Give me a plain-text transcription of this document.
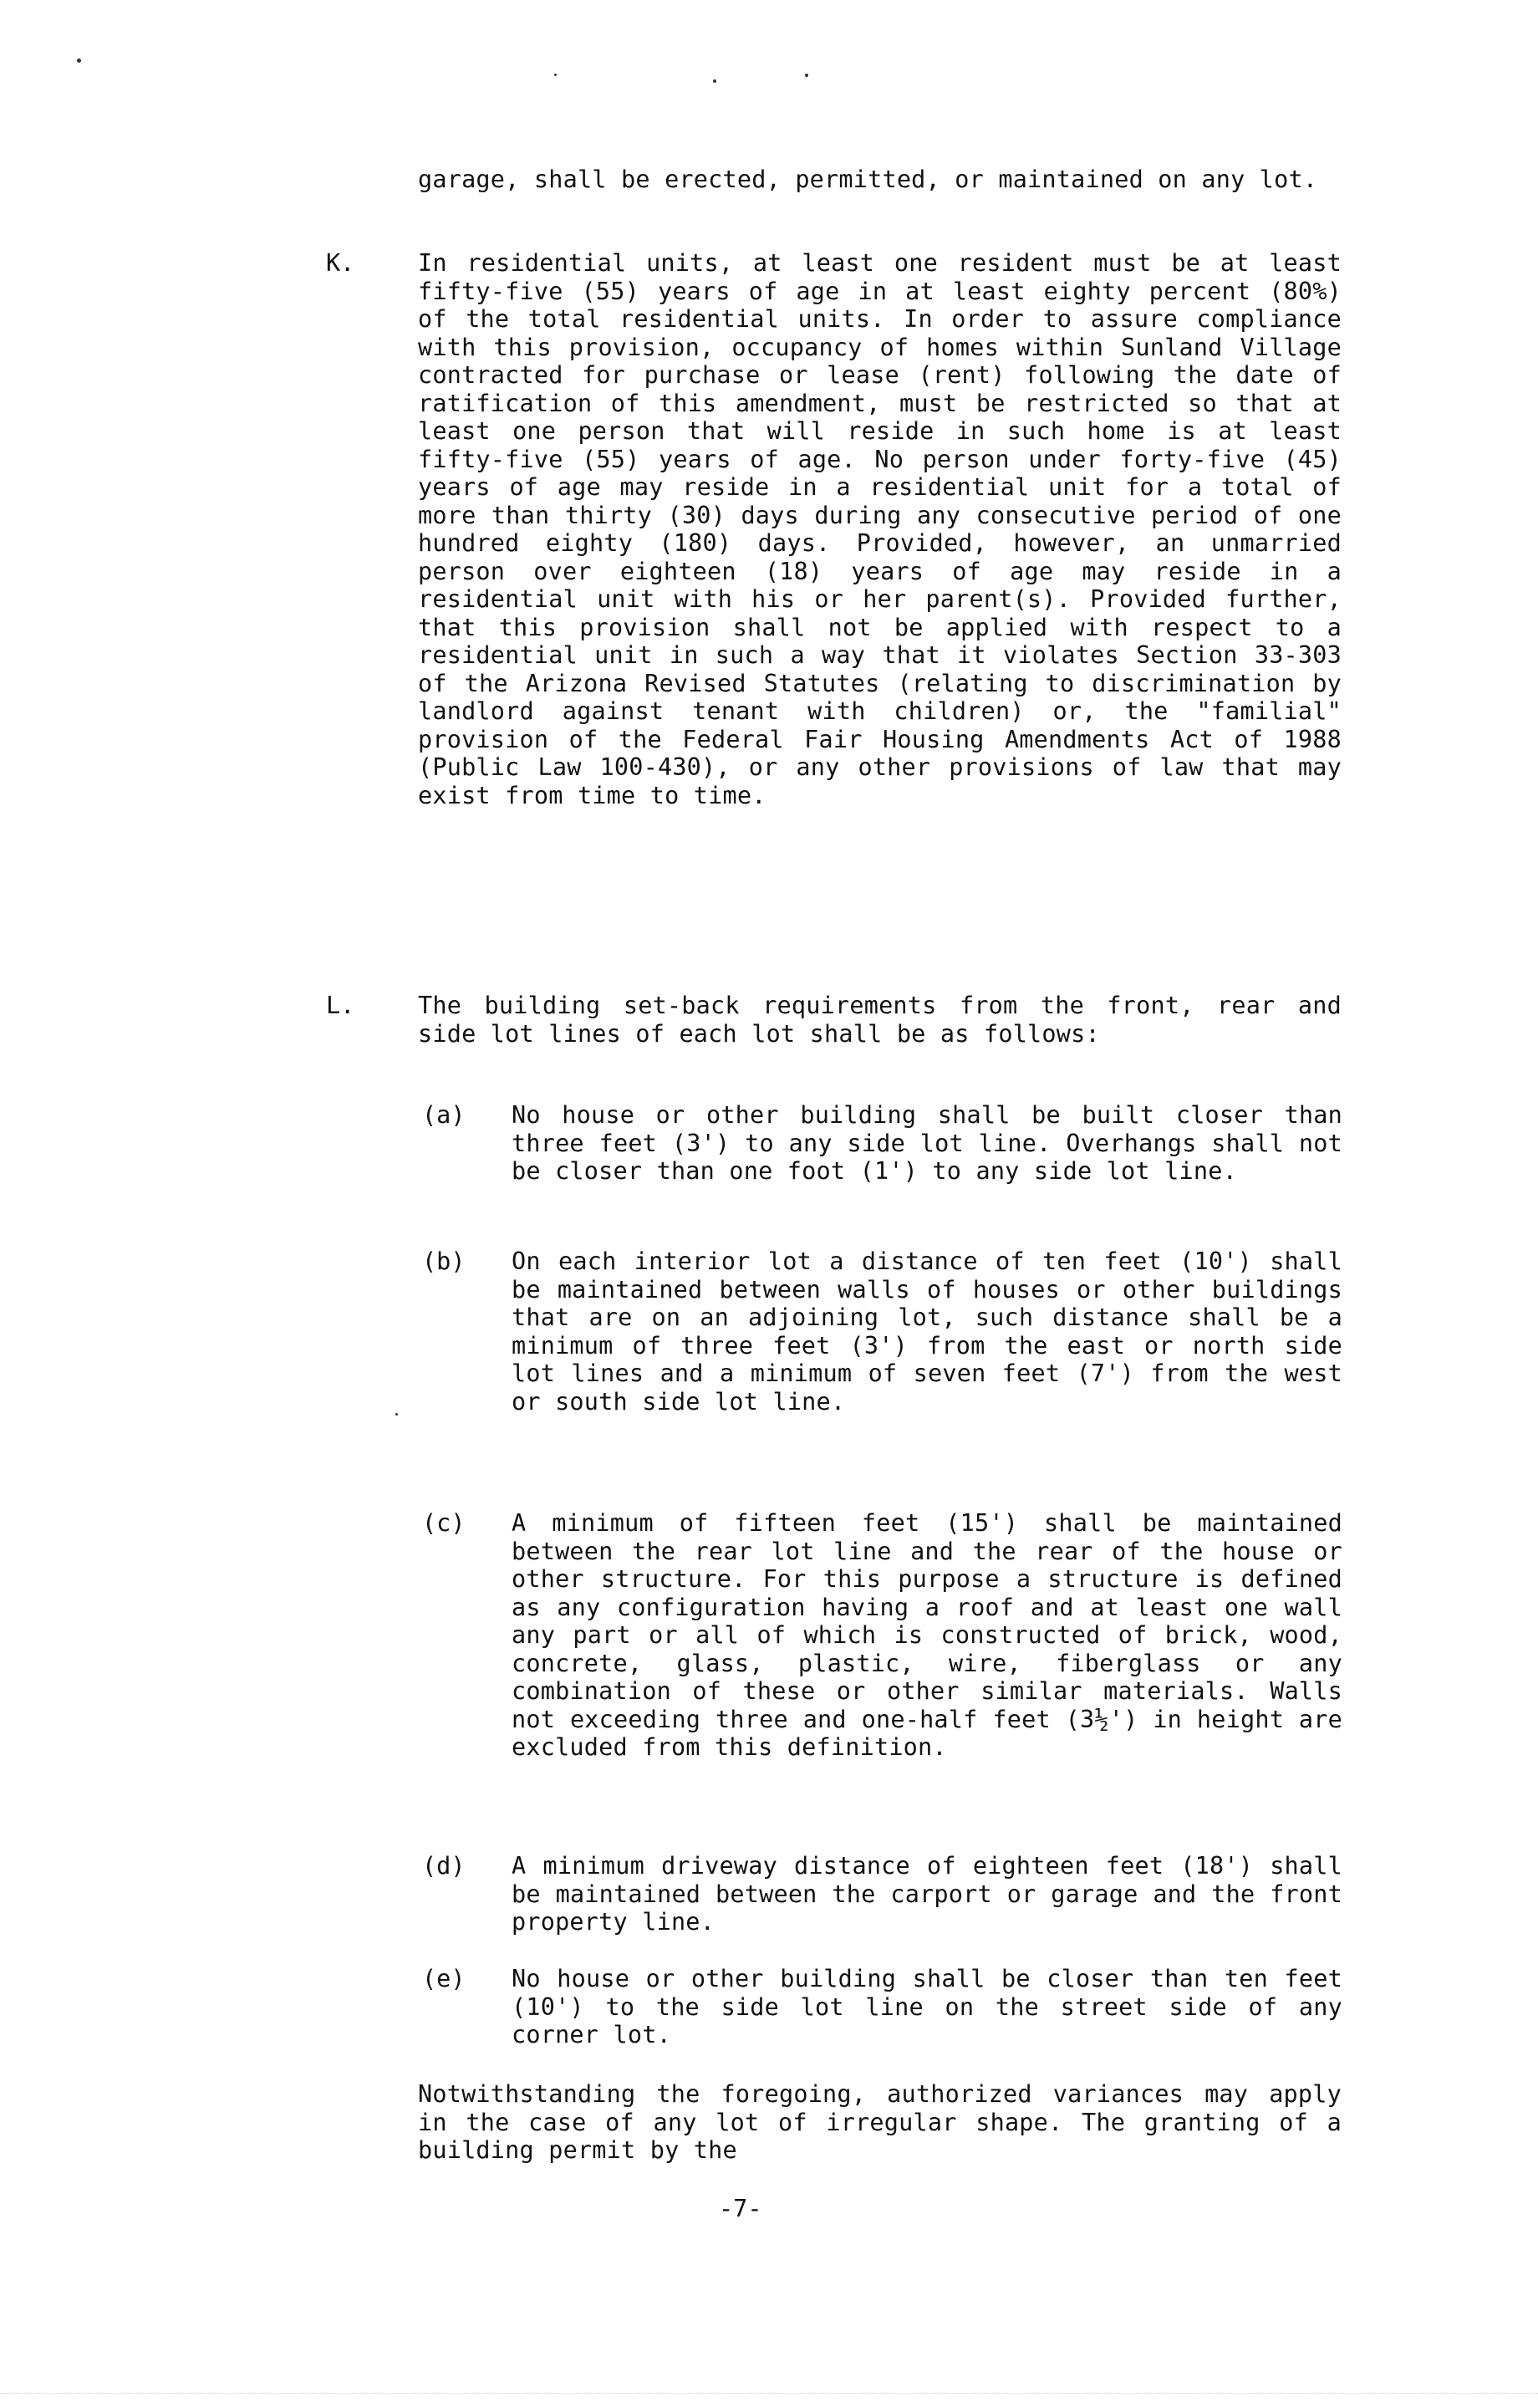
garage, shall be erected, permitted, or maintained on any lot.
K.	In residential units, at least one resident must be at least fifty-five (55) years of age in at least eighty percent (80%) of the total residential units. In order to assure compliance with this provision, occupancy of homes within Sunland Village contracted for purchase or lease (rent) following the date of ratification of this amendment, must be restricted so that at least one person that will reside in such home is at least fifty-five (55) years of age. No person under forty-five (45) years of age may reside in a residential unit for a total of more than thirty (30) days during any consecutive period of one hundred eighty (180) days. Provided, however, an unmarried person over eighteen (18) years of age may reside in a residential unit with his or her parent(s). Provided further, that this provision shall not be applied with respect to a residential unit in such a way that it violates Section 33-303 of the Arizona Revised Statutes (relating to discrimination by landlord against tenant with children) or, the "familial" provision of the Federal Fair Housing Amendments Act of 1988 (Public Law 100-430), or any other provisions of law that may exist from time to time.
L.	The building set-back requirements from the front, rear and side lot lines of each lot shall be as follows:
(a) No house or other building shall be built closer than three feet (3') to any side lot line. Overhangs shall not be closer than one foot (1') to any side lot line.
(b) On each interior lot a distance of ten feet (10') shall be maintained between walls of houses or other buildings that are on an adjoining lot, such distance shall be a minimum of three feet (3') from the east or north side lot lines and a minimum of seven feet (7') from the west or south side lot line.
(c) A minimum of fifteen feet (15') shall be maintained between the rear lot line and the rear of the house or other structure. For this purpose a structure is defined as any configuration having a roof and at least one wall any part or all of which is constructed of brick, wood, concrete, glass, plastic, wire, fiberglass or any combination of these or other similar materials. Walls not exceeding three and one-half feet (3½') in height are excluded from this definition.
(d) A minimum driveway distance of eighteen feet (18') shall be maintained between the carport or garage and the front property line.
(e) No house or other building shall be closer than ten feet (10') to the side lot line on the street side of any corner lot.
Notwithstanding the foregoing, authorized variances may apply in the case of any lot of irregular shape. The granting of a building permit by the
-7-
